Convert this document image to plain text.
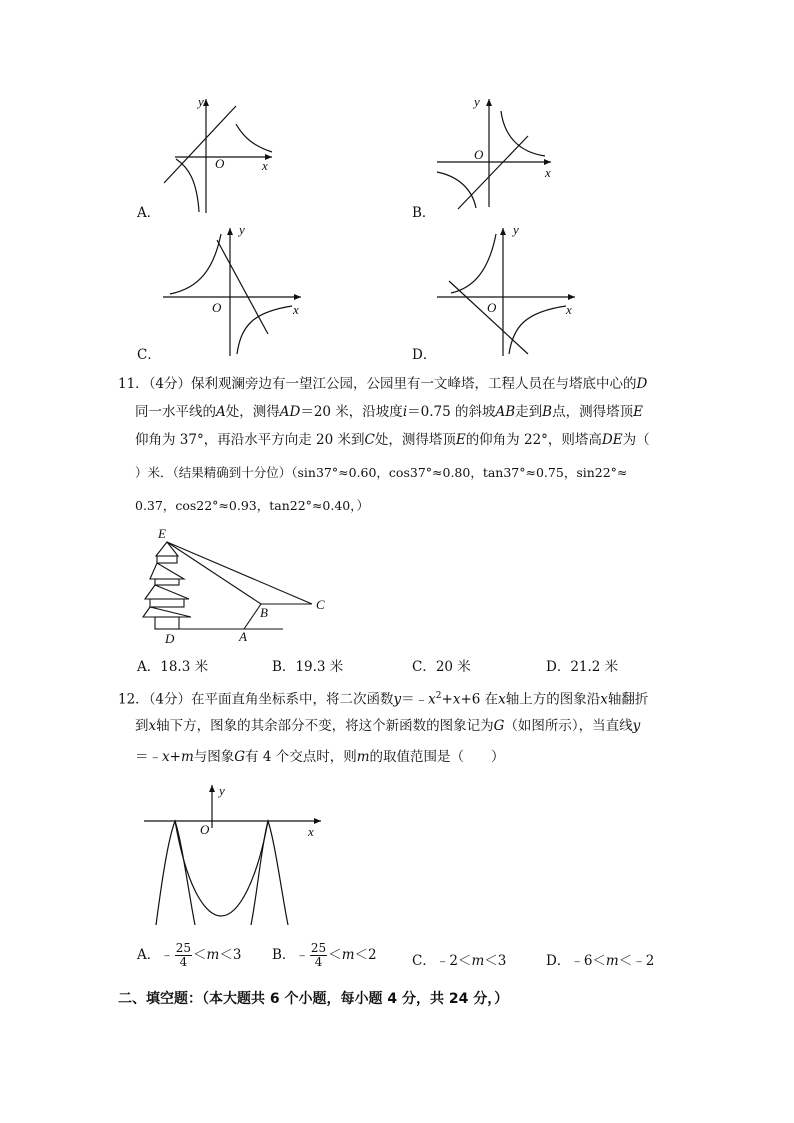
A．
x
y
O
B．
x
y
O
C．
x
y
O
D．
x
y
O
11．（4分）保利观澜旁边有一望江公园，公园里有一文峰塔，工程人员在与塔底中心的D
同一水平线的A处，测得AD＝20 米，沿坡度i＝0.75 的斜坡AB走到B点，测得塔顶E
仰角为 37°，再沿水平方向走 20 米到C处，测得塔顶E的仰角为 22°，则塔高DE为（
）米．（结果精确到十分位）（sin37°≈0.60，cos37°≈0.80，tan37°≈0.75，sin22°≈
0.37，cos22°≈0.93，tan22°≈0.40，）
E
B
C
D	A
A．18.3 米	B．19.3 米	C．20 米	D．21.2 米
12．（4分）在平面直角坐标系中，将二次函数$y=﹣x^2+x+6$ 在x轴上方的图象沿x轴翻折
到x轴下方，图象的其余部分不变，将这个新函数的图象记为G（如图所示），当直线y
＝﹣x+m与图象G有 4 个交点时，则m的取值范围是（　　）
x
y
O
A．﹣ $\frac{25}{4} <m<3$ B．﹣ $\frac{25}{4} <m<2$	C．﹣2＜m＜3	D．﹣6＜m＜﹣2
二、填空题：（本大题共 6 个小题，每小题 4 分，共 24 分，）
